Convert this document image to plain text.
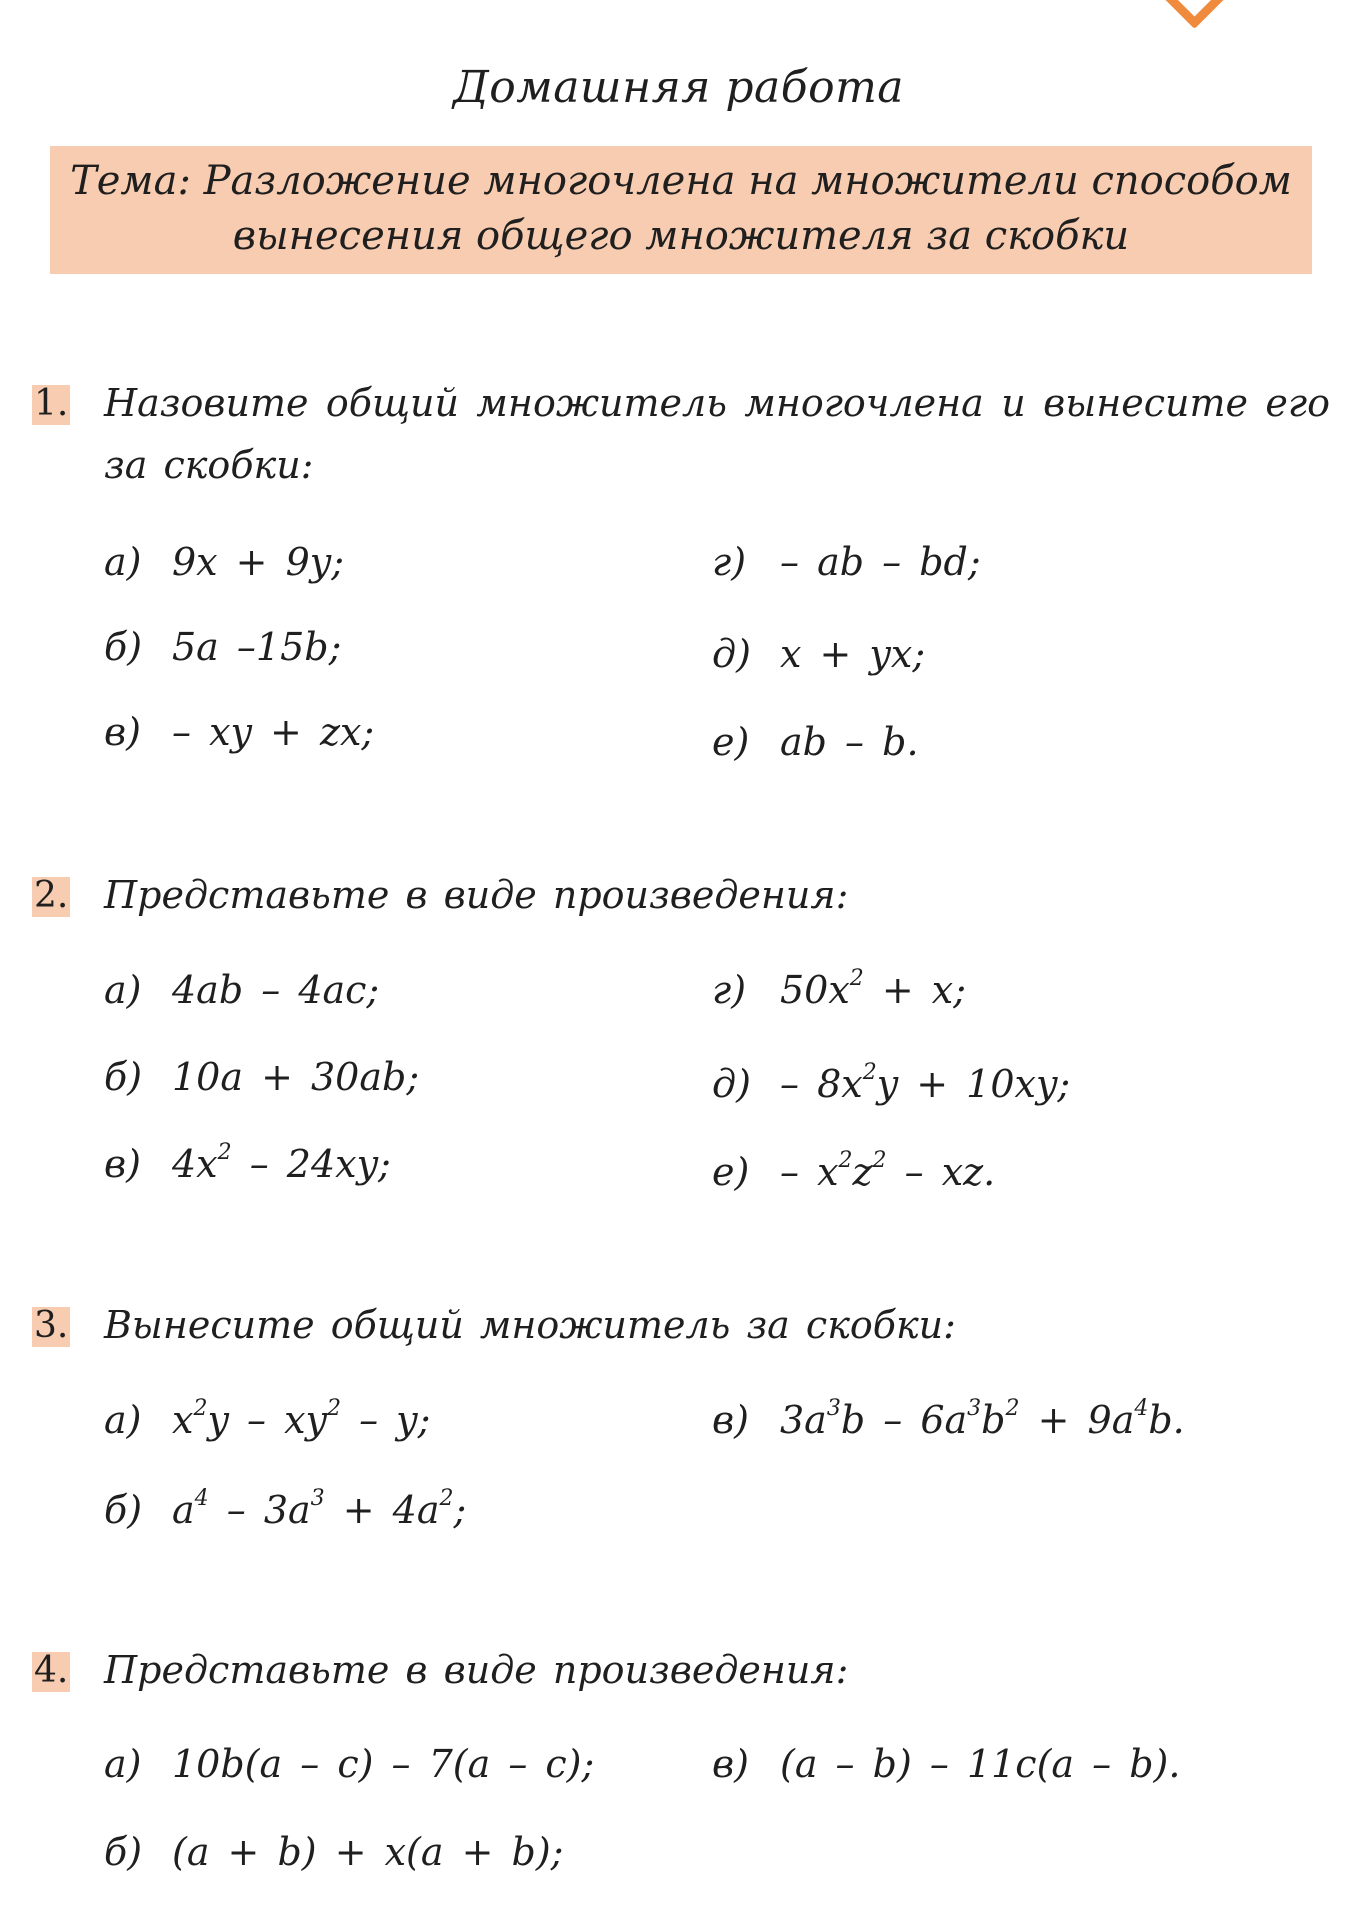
Домашняя работа
Тема: Разложение многочлена на множители способом
вынесения общего множителя за скобки
1. Назовите общий множитель многочлена и вынесите его за скобки:
а) 9x + 9y;
б) 5a –15b;
в) – xy + zx;
г) – ab – bd;
д) x + yx;
е) ab – b.
2. Представьте в виде произведения:
а) 4ab – 4ac;
б) 10a + 30ab;
в) $4x^2 - 24xy$;
г) $50x^2 + x$;
$д) - 8x^2y + 10xy$;
$е) - x^2z^2$ – xz.
3. Вынесите общий множитель за скобки:
а) $x^2y - xy^2$ – y;
б) $a^4 - 3a^3 + 4a^2$;
в) $3a^3b - 6a^3b^2 + 9a^4b$.
4. Представьте в виде произведения:
а) 10b(a – c) – 7(a – c);
б) (a + b) + x(a + b);
в) (a – b) – 11c(a – b).
